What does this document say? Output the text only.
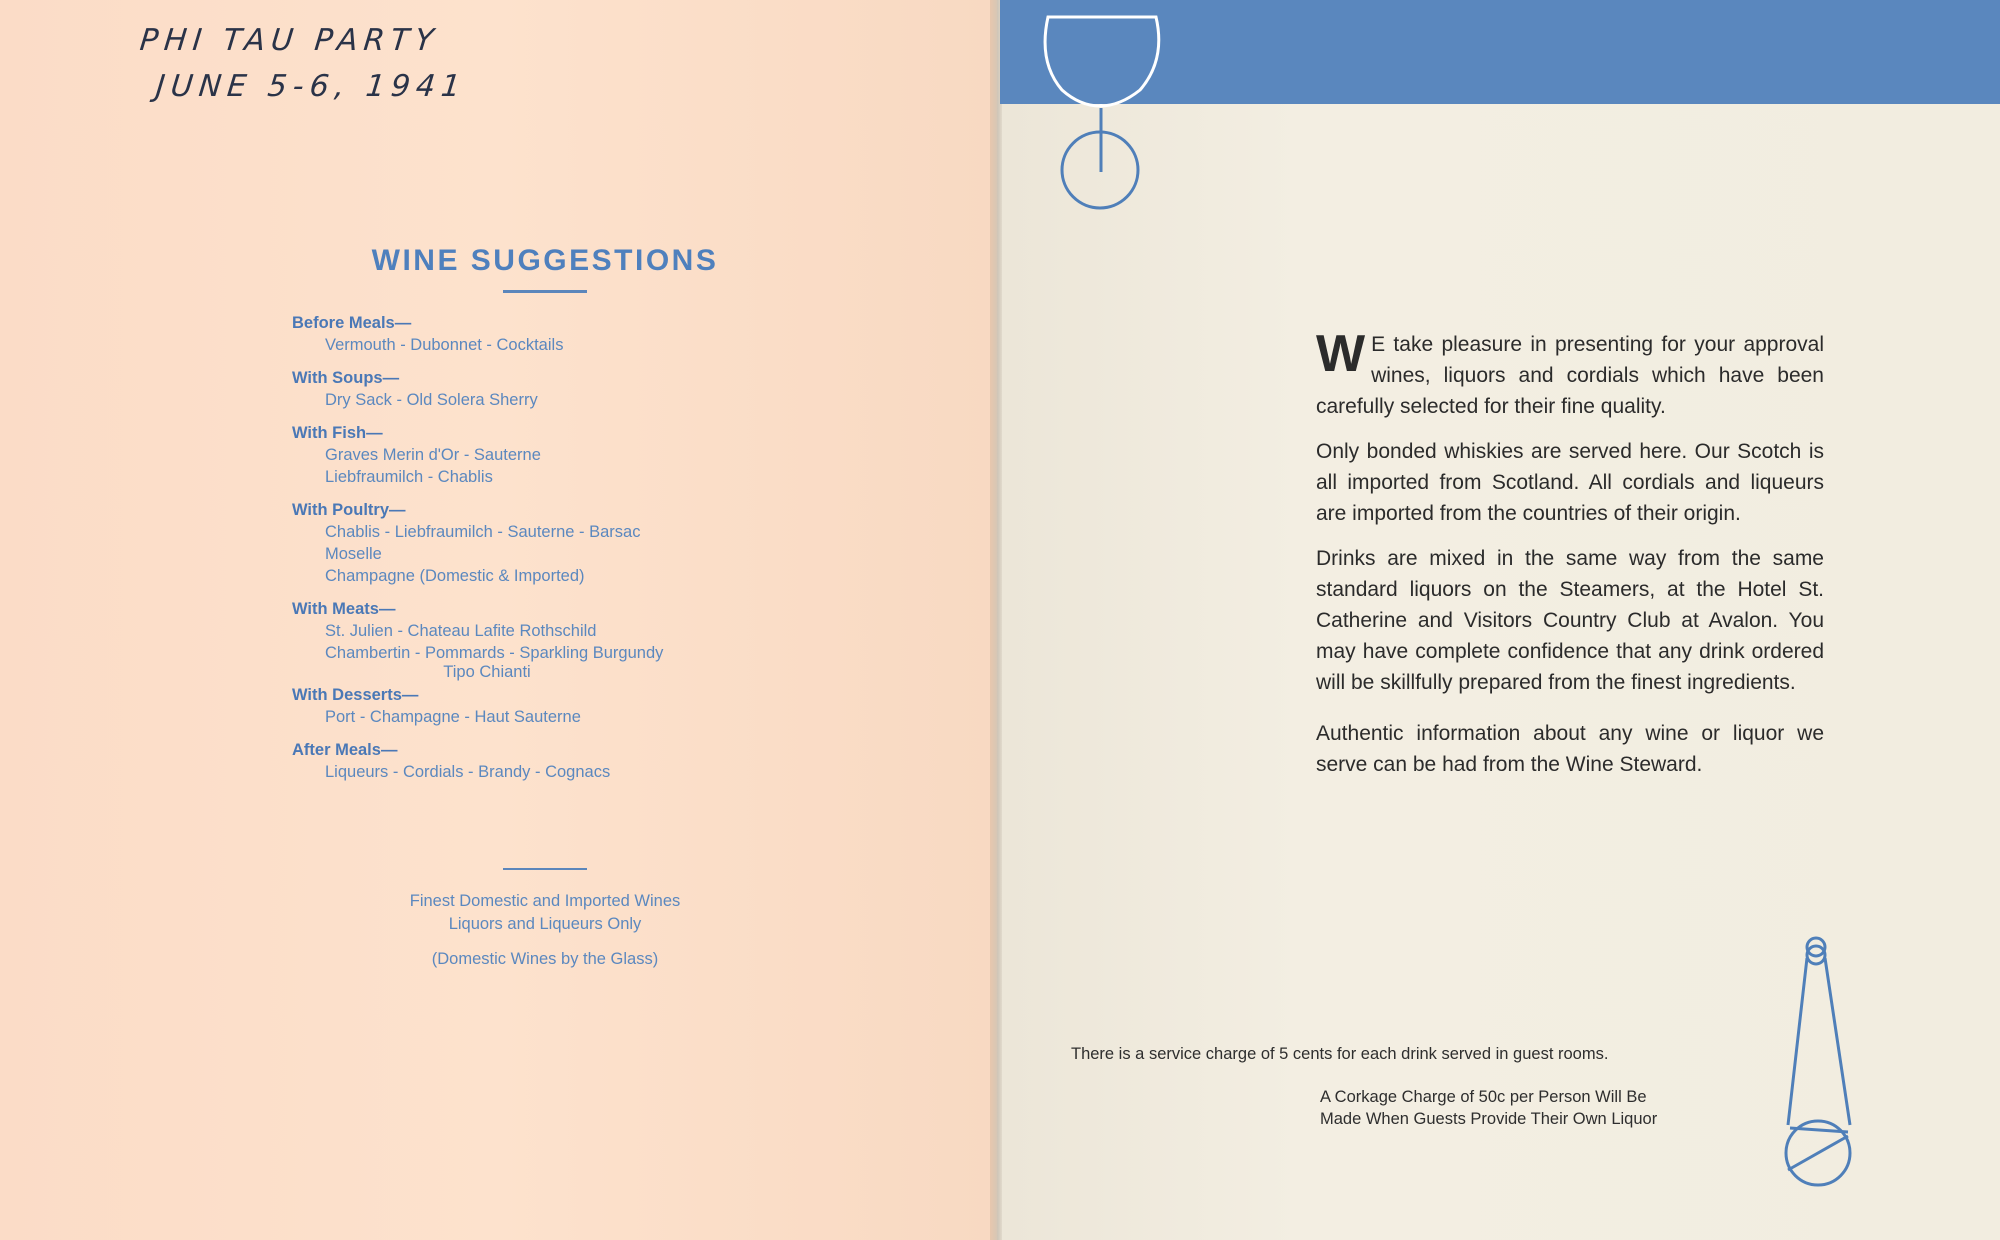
PHI TAU PARTY
JUNE 5-6, 1941
WINE SUGGESTIONS
Before Meals—
Vermouth - Dubonnet - Cocktails
With Soups—
Dry Sack - Old Solera Sherry
With Fish—
Graves Merin d'Or - Sauterne
Liebfraumilch - Chablis
With Poultry—
Chablis - Liebfraumilch - Sauterne - Barsac
Moselle
Champagne (Domestic & Imported)
With Meats—
St. Julien - Chateau Lafite Rothschild
Chambertin - Pommards - Sparkling Burgundy
Tipo Chianti
With Desserts—
Port - Champagne - Haut Sauterne
After Meals—
Liqueurs - Cordials - Brandy - Cognacs
Finest Domestic and Imported Wines
Liquors and Liqueurs Only
(Domestic Wines by the Glass)

W E take pleasure in presenting for your approval wines, liquors and cordials which have been carefully selected for their fine quality.

Only bonded whiskies are served here. Our Scotch is all imported from Scotland. All cordials and liqueurs are imported from the countries of their origin.

Drinks are mixed in the same way from the same standard liquors on the Steamers, at the Hotel St. Catherine and Visitors Country Club at Avalon. You may have complete confidence that any drink ordered will be skillfully prepared from the finest ingredients.

Authentic information about any wine or liquor we serve can be had from the Wine Steward.

There is a service charge of 5 cents for each drink served in guest rooms.
A Corkage Charge of 50c per Person Will Be
Made When Guests Provide Their Own Liquor
